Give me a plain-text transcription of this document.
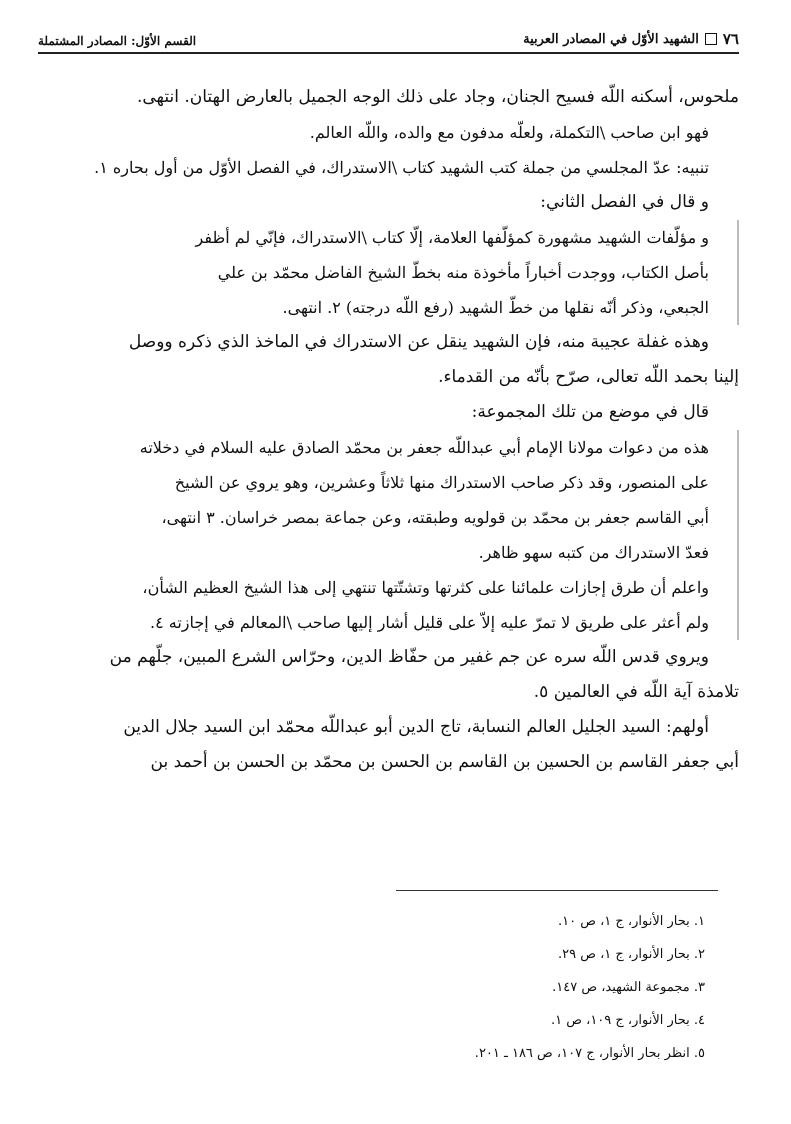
٧٦
الشهيد الأوّل في المصادر العربية
القسم الأوّل: المصادر المشتملة
ملحوس، أسكنه اللّه فسيح الجنان، وجاد على ذلك الوجه الجميل بالعارض الهتان. انتهى.
فهو ابن صاحب \التكملة، ولعلّه مدفون مع والده، واللّه العالم.
تنبيه: عدّ المجلسي من جملة كتب الشهيد كتاب \الاستدراك، في الفصل الأوّل من أول بحاره ١.
و قال في الفصل الثاني:
و مؤلّفات الشهيد مشهورة كمؤلّفها العلامة، إلّا كتاب \الاستدراك، فإنّي لم أظفر
بأصل الكتاب، ووجدت أخباراً مأخوذة منه بخطّ الشيخ الفاضل محمّد بن علي
الجبعي، وذكر أنّه نقلها من خطّ الشهيد (رفع اللّه درجته) ٢. انتهى.
وهذه غفلة عجيبة منه، فإن الشهيد ينقل عن الاستدراك في الماخذ الذي ذكره ووصل
إلينا بحمد اللّه تعالى، صرّح بأنّه من القدماء.
قال في موضع من تلك المجموعة:
هذه من دعوات مولانا الإمام أبي عبداللّه جعفر بن محمّد الصادق عليه السلام في دخلاته
على المنصور، وقد ذكر صاحب الاستدراك منها ثلاثاً وعشرين، وهو يروي عن الشيخ
أبي القاسم جعفر بن محمّد بن قولويه وطبقته، وعن جماعة بمصر خراسان. ٣ انتهى،
فعدّ الاستدراك من كتبه سهو ظاهر.
واعلم أن طرق إجازات علمائنا على كثرتها وتشتّتها تنتهي إلى هذا الشيخ العظيم الشأن،
ولم أعثر على طريق لا تمرّ عليه إلاّ على قليل أشار إليها صاحب \المعالم في إجازته ٤.
ويروي قدس اللّه سره عن جم غفير من حفّاظ الدين، وحرّاس الشرع المبين، جلّهم من
تلامذة آية اللّه في العالمين ٥.
أولهم: السيد الجليل العالم النسابة، تاج الدين أبو عبداللّه محمّد ابن السيد جلال الدين
أبي جعفر القاسم بن الحسين بن القاسم بن الحسن بن محمّد بن الحسن بن أحمد بن
١. بحار الأنوار، ج ١، ص ١٠.
٢. بحار الأنوار، ج ١، ص ٢٩.
٣. مجموعة الشهيد، ص ١٤٧.
٤. بحار الأنوار، ج ١٠٩، ص ١.
٥. انظر بحار الأنوار، ج ١٠٧، ص ١٨٦ ـ ٢٠١.
